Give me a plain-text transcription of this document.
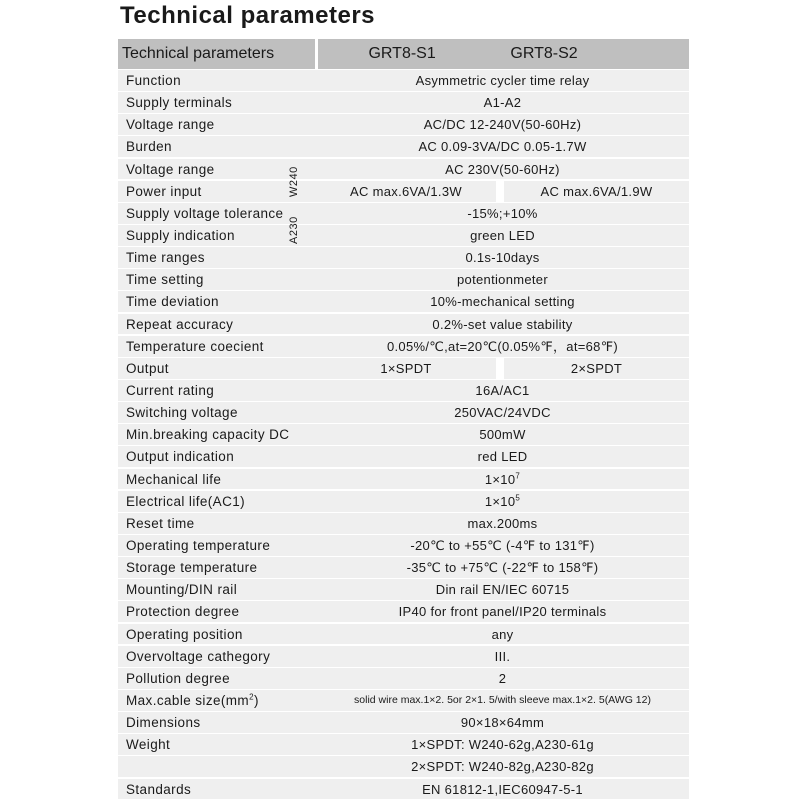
Technical parameters
Technical parameters	GRT8-S1	GRT8-S2
Function	Asymmetric cycler time relay
Supply terminals	A1-A2
Voltage range	AC/DC 12-240V(50-60Hz)
Burden	AC 0.09-3VA/DC 0.05-1.7W
Voltage range	AC 230V(50-60Hz)
Power input	AC max.6VA/1.3W	AC max.6VA/1.9W
Supply voltage tolerance	-15%;+10%
Supply indication	green LED
Time ranges	0.1s-10days
Time setting	potentionmeter
Time deviation	10%-mechanical setting
Repeat accuracy	0.2%-set value stability
Temperature coecient	0.05%/℃,at=20℃(0.05%℉，at=68℉)
Output	1×SPDT	2×SPDT
Current rating	16A/AC1
Switching voltage	250VAC/24VDC
Min.breaking capacity DC	500mW
Output indication	red LED
Mechanical life	$1\times 10^7$
Electrical life(AC1)	$1\times 10^5$
Reset time	max.200ms
Operating temperature	-20℃ to +55℃ (-4℉ to 131℉)
Storage temperature	-35℃ to +75℃ (-22℉ to 158℉)
Mounting/DIN rail	Din rail EN/IEC 60715
Protection degree	IP40 for front panel/IP20 terminals
Operating position	any
Overvoltage cathegory	III.
Pollution degree	2
Max.cable $size(mm^2)$	solid wire max.1×2. 5or 2×1. 5/with sleeve max.1×2. 5(AWG 12)
Dimensions	90×18×64mm
Weight	1×SPDT: W240-62g,A230-61g
2×SPDT: W240-82g,A230-82g
Standards	EN 61812-1,IEC60947-5-1
W240
A230
